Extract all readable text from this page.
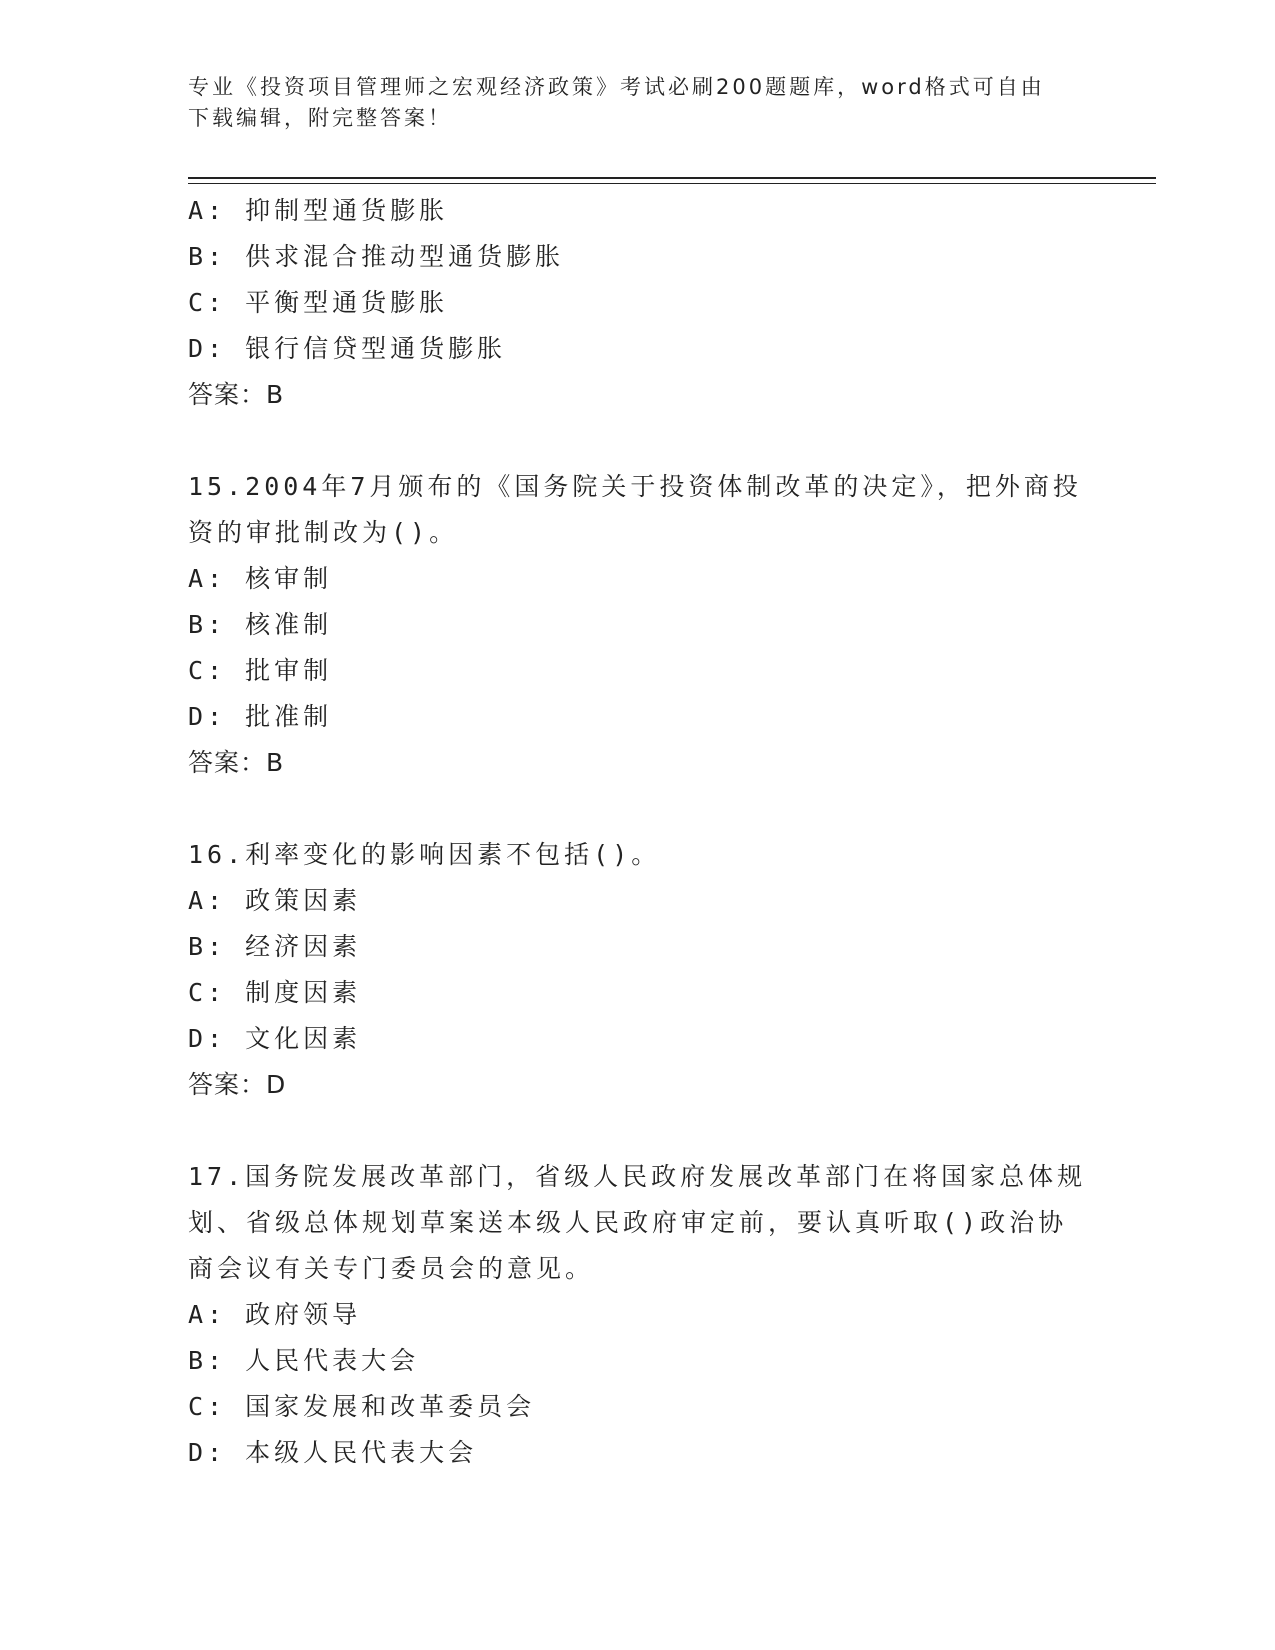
专业《投资项目管理师之宏观经济政策》考试必刷200题题库，word格式可自由
下载编辑，附完整答案！
A: 抑制型通货膨胀
B: 供求混合推动型通货膨胀
C: 平衡型通货膨胀
D: 银行信贷型通货膨胀
答案：B
15.2004年7月颁布的《国务院关于投资体制改革的决定》，把外商投
资的审批制改为()。
A: 核审制
B: 核准制
C: 批审制
D: 批准制
答案：B
16.利率变化的影响因素不包括()。
A: 政策因素
B: 经济因素
C: 制度因素
D: 文化因素
答案：D
17.国务院发展改革部门，省级人民政府发展改革部门在将国家总体规
划、省级总体规划草案送本级人民政府审定前，要认真听取()政治协
商会议有关专门委员会的意见。
A: 政府领导
B: 人民代表大会
C: 国家发展和改革委员会
D: 本级人民代表大会
